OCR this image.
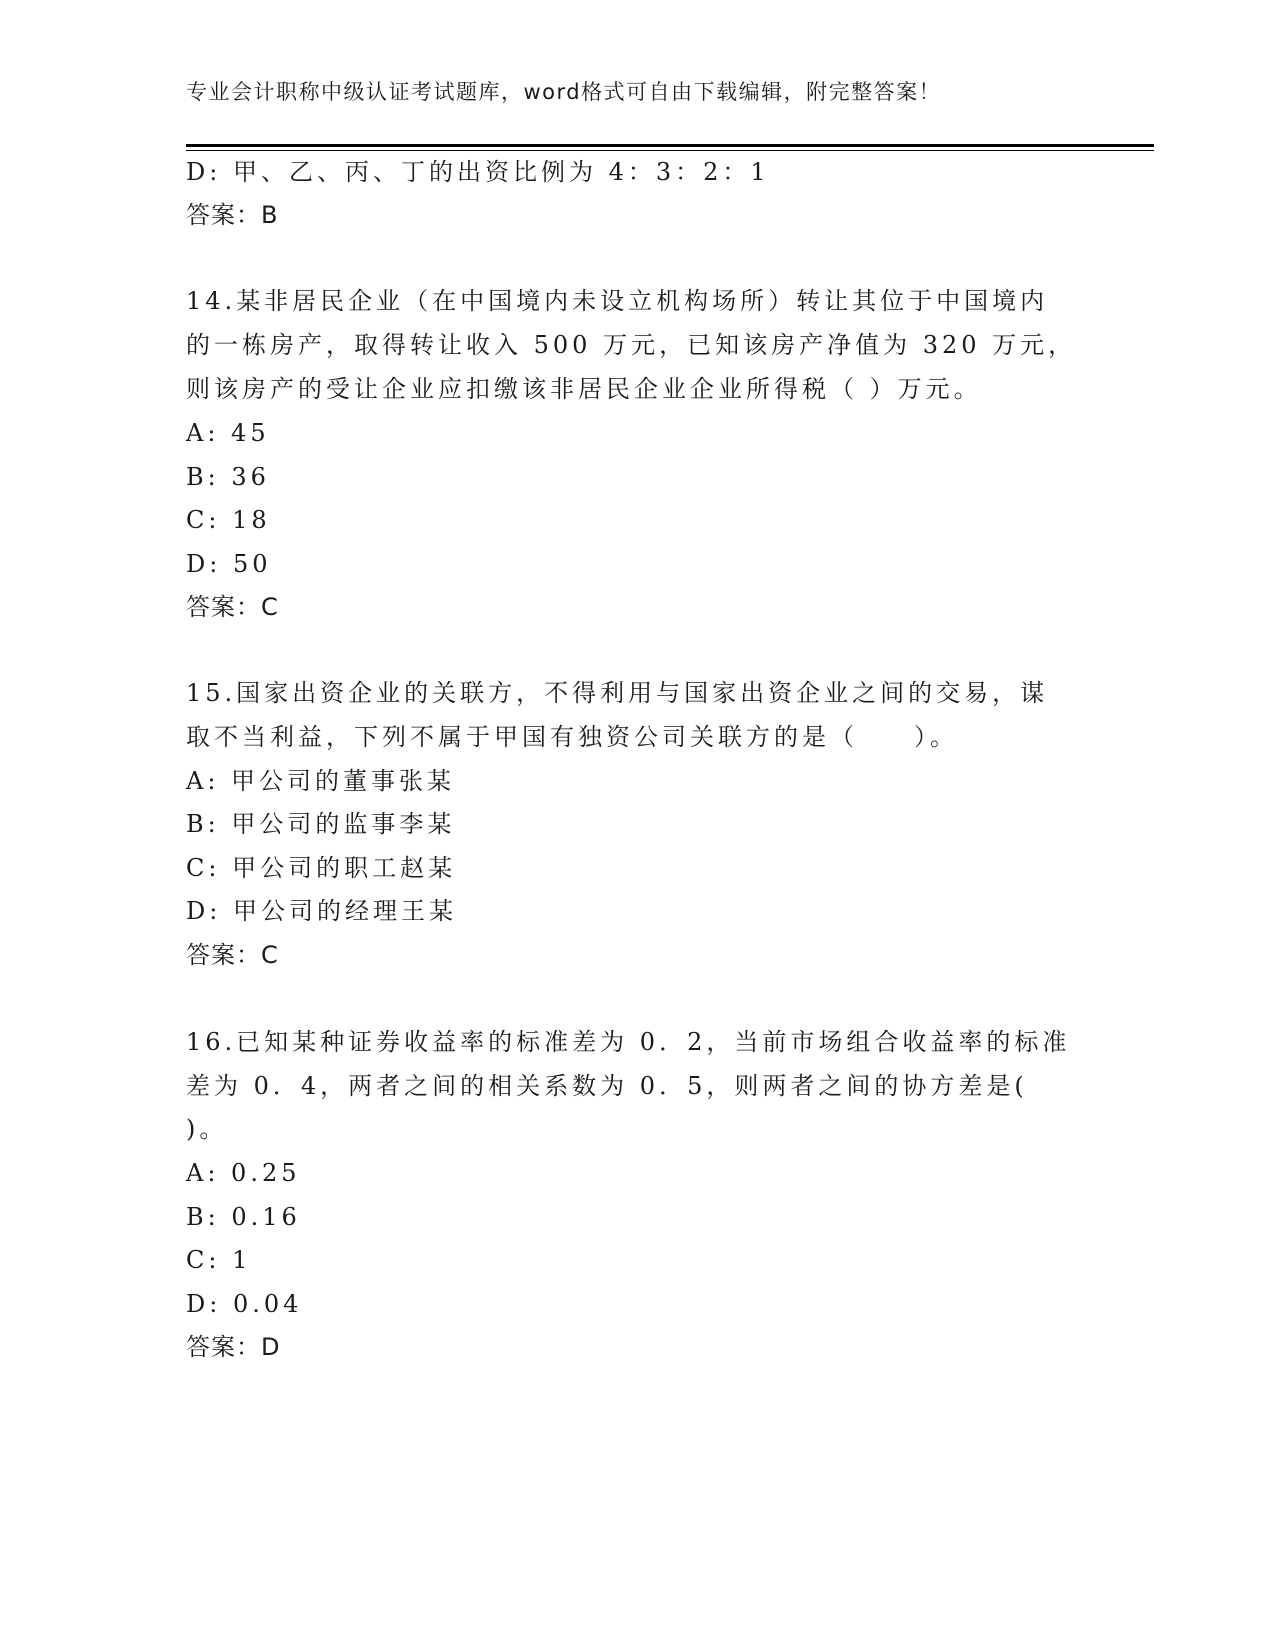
专业会计职称中级认证考试题库，word格式可自由下载编辑，附完整答案！
D: 甲、乙、丙、丁的出资比例为 4：3：2：1
答案：B
14.某非居民企业（在中国境内未设立机构场所）转让其位于中国境内
的一栋房产，取得转让收入 500 万元，已知该房产净值为 320 万元，
则该房产的受让企业应扣缴该非居民企业企业所得税（ ）万元。
A: 45
B: 36
C: 18
D: 50
答案：C
15.国家出资企业的关联方，不得利用与国家出资企业之间的交易，谋
取不当利益，下列不属于甲国有独资公司关联方的是（　　）。
A: 甲公司的董事张某
B: 甲公司的监事李某
C: 甲公司的职工赵某
D: 甲公司的经理王某
答案：C
16.已知某种证券收益率的标准差为 0．2，当前市场组合收益率的标准
差为 0．4，两者之间的相关系数为 0．5，则两者之间的协方差是(
)。
A: 0.25
B: 0.16
C: 1
D: 0.04
答案：D
